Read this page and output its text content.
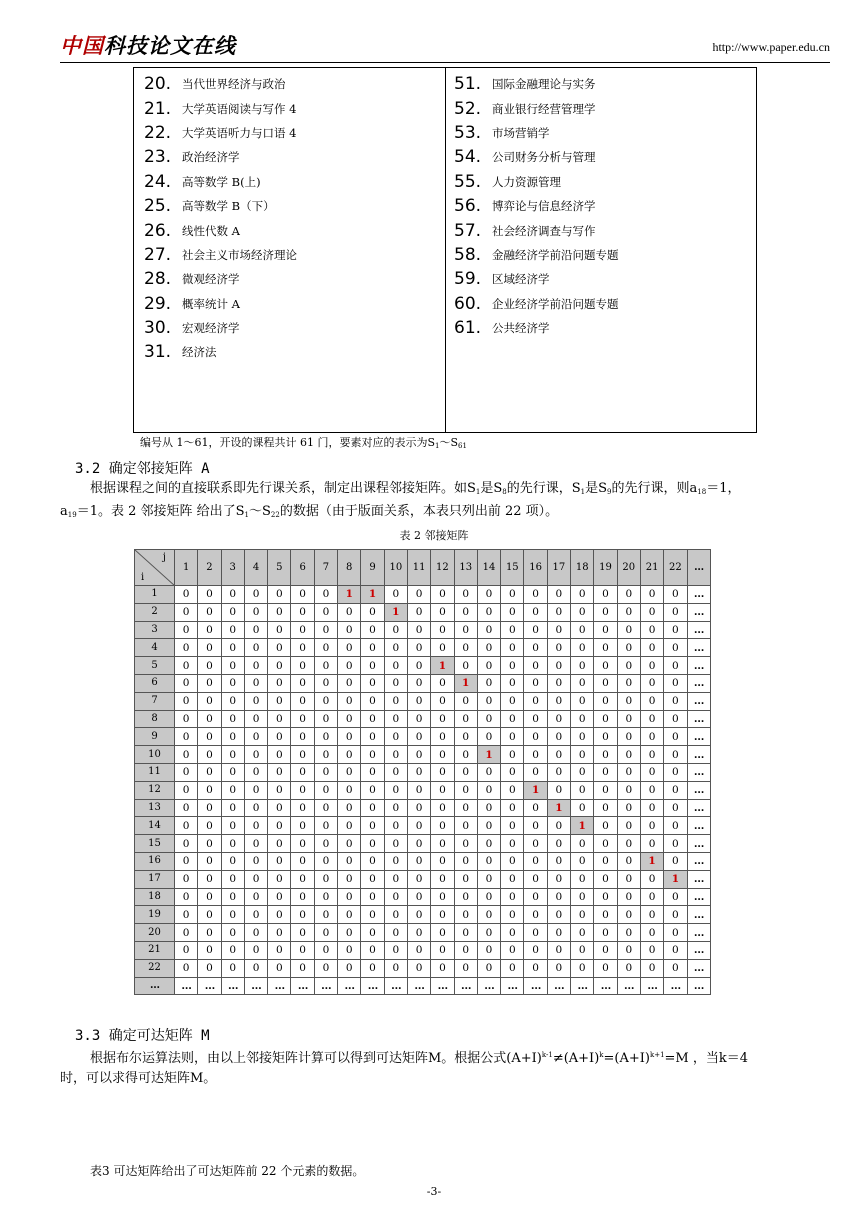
中国科技论文在线	http://www.paper.edu.cn
20. 当代世界经济与政治
21. 大学英语阅读与写作 4
22. 大学英语听力与口语 4
23. 政治经济学
24. 高等数学 B(上)
25. 高等数学 B（下）
26. 线性代数 A
27. 社会主义市场经济理论
28. 微观经济学
29. 概率统计 A
30. 宏观经济学
31. 经济法
51. 国际金融理论与实务
52. 商业银行经营管理学
53. 市场营销学
54. 公司财务分析与管理
55. 人力资源管理
56. 博弈论与信息经济学
57. 社会经济调查与写作
58. 金融经济学前沿问题专题
59. 区域经济学
60. 企业经济学前沿问题专题
61. 公共经济学
编号从 1～61，开设的课程共计 61 门，要素对应的表示为$S_1\sim S_{61}$
3.2 确定邻接矩阵 A
根据课程之间的直接联系即先行课关系，制定出课程邻接矩阵。如$S_1$是$S_8$的先行课，$S_1$是$S_9$的先行课，则$a_{18}=1$，
$a_{19}=1$。表 2 邻接矩阵 给出了$S_1\sim S_{22}$的数据（由于版面关系，本表只列出前 22 项）。
表 2 邻接矩阵
j
i	1	2	3	4	5	6	7	8	9	10	11	12	13	14	15	16	17	18	19	20	21	22	…
1	0	0	0	0	0	0	0	1	1	0	0	0	0	0	0	0	0	0	0	0	0	0	…
2	0	0	0	0	0	0	0	0	0	1	0	0	0	0	0	0	0	0	0	0	0	0	…
3	0	0	0	0	0	0	0	0	0	0	0	0	0	0	0	0	0	0	0	0	0	0	…
4	0	0	0	0	0	0	0	0	0	0	0	0	0	0	0	0	0	0	0	0	0	0	…
5	0	0	0	0	0	0	0	0	0	0	0	1	0	0	0	0	0	0	0	0	0	0	…
6	0	0	0	0	0	0	0	0	0	0	0	0	1	0	0	0	0	0	0	0	0	0	…
7	0	0	0	0	0	0	0	0	0	0	0	0	0	0	0	0	0	0	0	0	0	0	…
8	0	0	0	0	0	0	0	0	0	0	0	0	0	0	0	0	0	0	0	0	0	0	…
9	0	0	0	0	0	0	0	0	0	0	0	0	0	0	0	0	0	0	0	0	0	0	…
10	0	0	0	0	0	0	0	0	0	0	0	0	0	1	0	0	0	0	0	0	0	0	…
11	0	0	0	0	0	0	0	0	0	0	0	0	0	0	0	0	0	0	0	0	0	0	…
12	0	0	0	0	0	0	0	0	0	0	0	0	0	0	0	1	0	0	0	0	0	0	…
13	0	0	0	0	0	0	0	0	0	0	0	0	0	0	0	0	1	0	0	0	0	0	…
14	0	0	0	0	0	0	0	0	0	0	0	0	0	0	0	0	0	1	0	0	0	0	…
15	0	0	0	0	0	0	0	0	0	0	0	0	0	0	0	0	0	0	0	0	0	0	…
16	0	0	0	0	0	0	0	0	0	0	0	0	0	0	0	0	0	0	0	0	1	0	…
17	0	0	0	0	0	0	0	0	0	0	0	0	0	0	0	0	0	0	0	0	0	1	…
18	0	0	0	0	0	0	0	0	0	0	0	0	0	0	0	0	0	0	0	0	0	0	…
19	0	0	0	0	0	0	0	0	0	0	0	0	0	0	0	0	0	0	0	0	0	0	…
20	0	0	0	0	0	0	0	0	0	0	0	0	0	0	0	0	0	0	0	0	0	0	…
21	0	0	0	0	0	0	0	0	0	0	0	0	0	0	0	0	0	0	0	0	0	0	…
22	0	0	0	0	0	0	0	0	0	0	0	0	0	0	0	0	0	0	0	0	0	0	…
…	…	…	…	…	…	…	…	…	…	…	…	…	…	…	…	…	…	…	…	…	…	…	…
3.3 确定可达矩阵 M
根据布尔运算法则，由以上邻接矩阵计算可以得到可达矩阵M。根据公式$(A+I)^{k-1}\ne(A+I)^k=(A+I)^{k+1}=M$ ，当k＝4
时，可以求得可达矩阵M。
表3 可达矩阵给出了可达矩阵前 22 个元素的数据。
-3-
